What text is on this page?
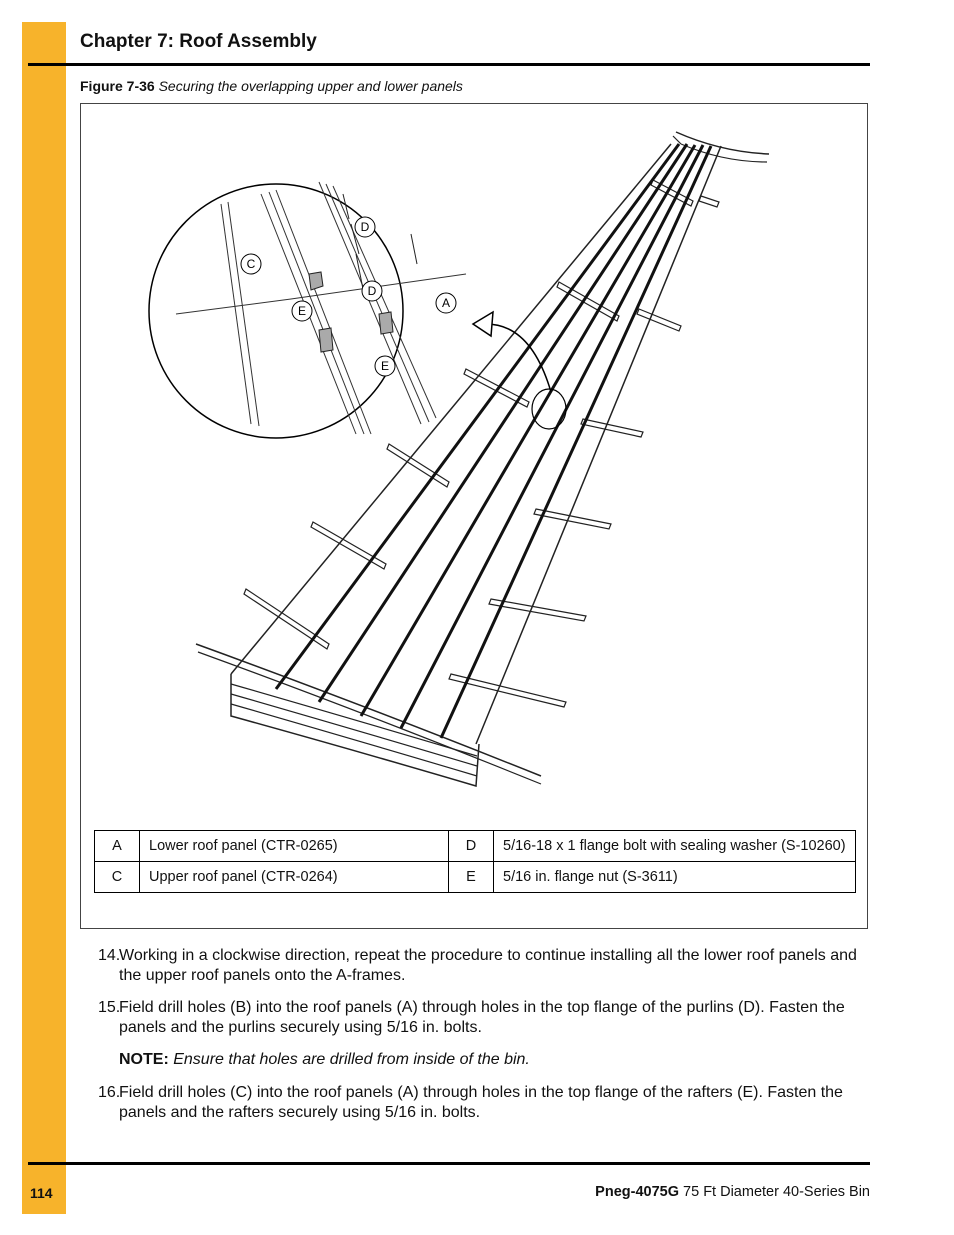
Chapter 7: Roof Assembly
Figure 7-36 Securing the overlapping upper and lower panels
D
C
E
D
A
E
A	Lower roof panel (CTR-0265)	D	5/16-18 x 1 flange bolt with sealing washer (S-10260)
C	Upper roof panel (CTR-0264)	E	5/16 in. flange nut (S-3611)
14.
Working in a clockwise direction, repeat the procedure to continue installing all the lower roof panels and the upper roof panels onto the A-frames.
15.
Field drill holes (B) into the roof panels (A) through holes in the top flange of the purlins (D). Fasten the panels and the purlins securely using 5/16 in. bolts.
NOTE: Ensure that holes are drilled from inside of the bin.
16.
Field drill holes (C) into the roof panels (A) through holes in the top flange of the rafters (E). Fasten the panels and the rafters securely using 5/16 in. bolts.
114	Pneg-4075G 75 Ft Diameter 40-Series Bin
